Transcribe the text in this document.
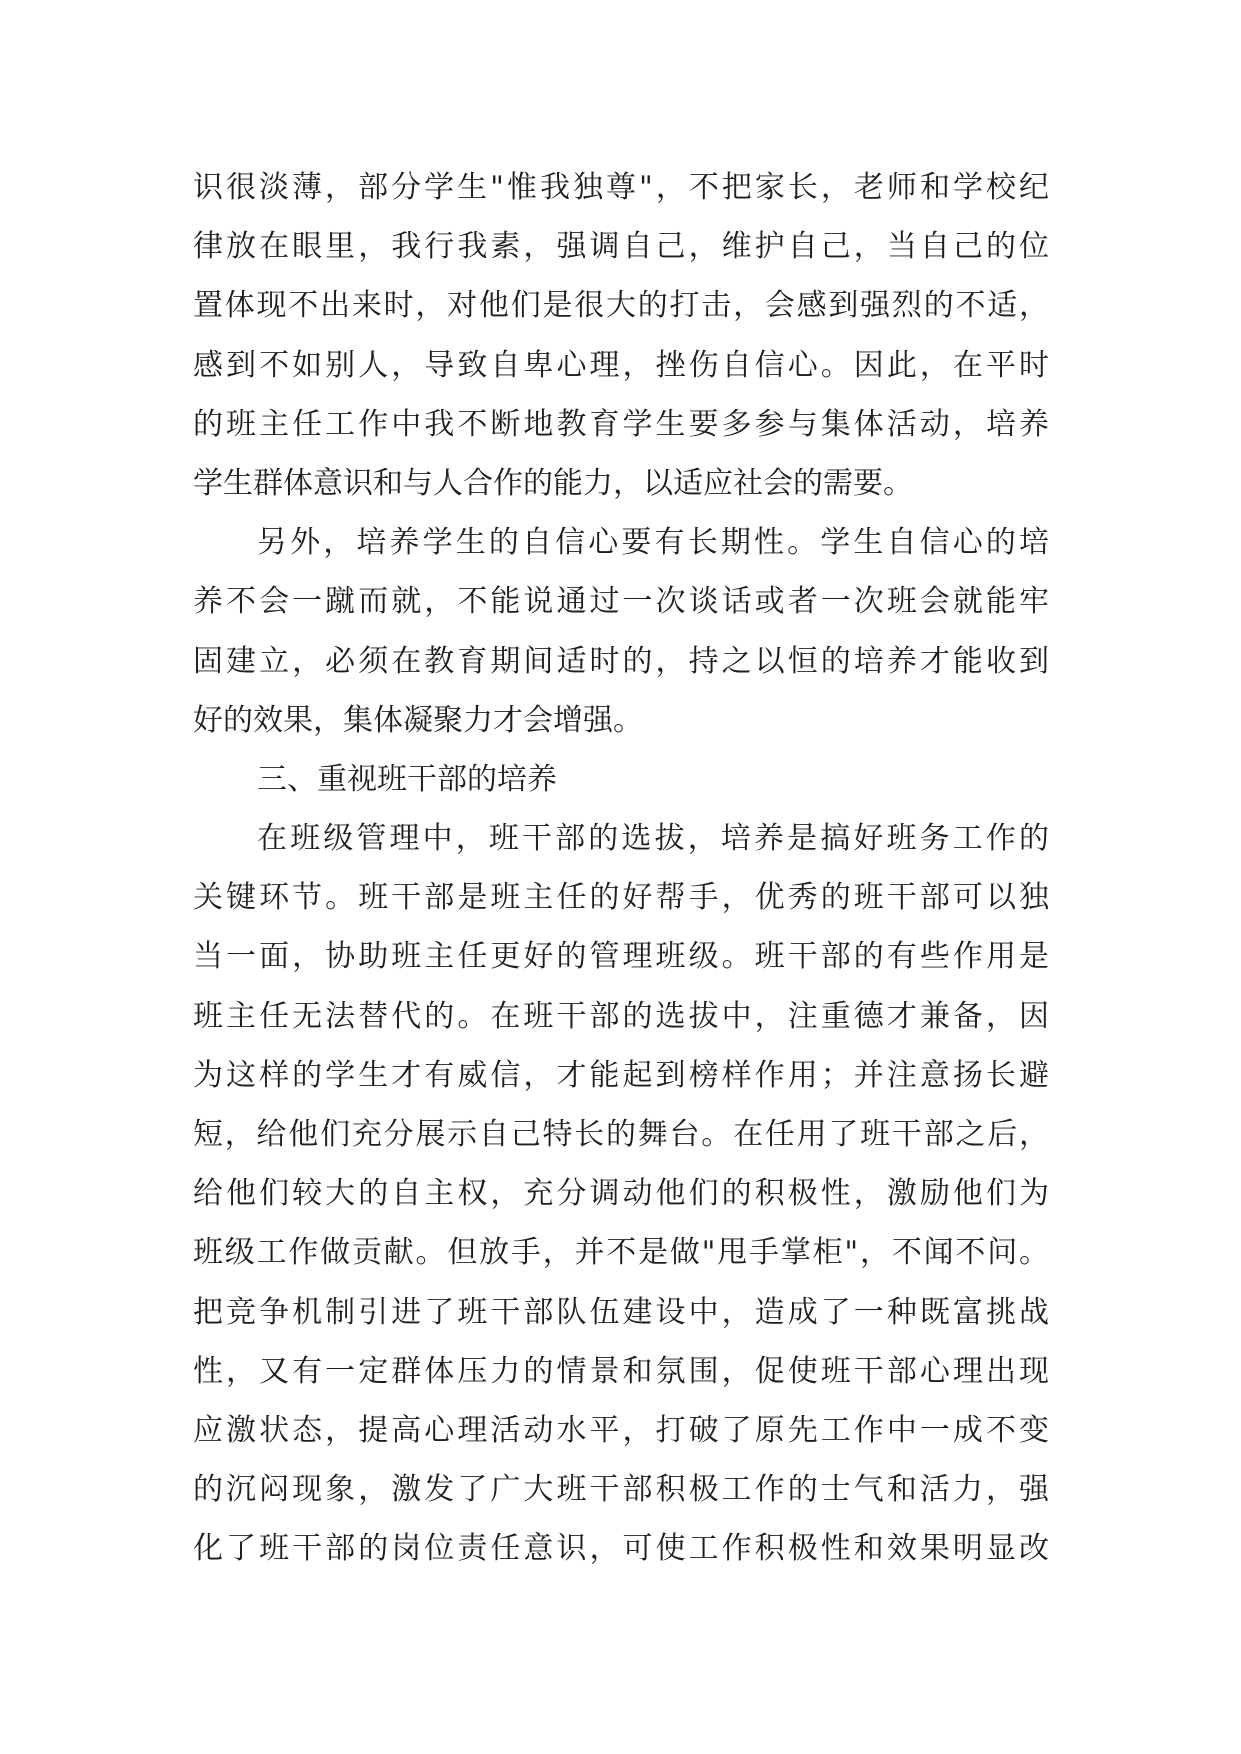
识很淡薄，部分学生"惟我独尊"，不把家长，老师和学校纪
律放在眼里，我行我素，强调自己，维护自己，当自己的位
置体现不出来时，对他们是很大的打击，会感到强烈的不适，
感到不如别人，导致自卑心理，挫伤自信心。因此，在平时
的班主任工作中我不断地教育学生要多参与集体活动，培养
学生群体意识和与人合作的能力，以适应社会的需要。
另外，培养学生的自信心要有长期性。学生自信心的培
养不会一蹴而就，不能说通过一次谈话或者一次班会就能牢
固建立，必须在教育期间适时的，持之以恒的培养才能收到
好的效果，集体凝聚力才会增强。
三、重视班干部的培养
在班级管理中，班干部的选拔，培养是搞好班务工作的
关键环节。班干部是班主任的好帮手，优秀的班干部可以独
当一面，协助班主任更好的管理班级。班干部的有些作用是
班主任无法替代的。在班干部的选拔中，注重德才兼备，因
为这样的学生才有威信，才能起到榜样作用；并注意扬长避
短，给他们充分展示自己特长的舞台。在任用了班干部之后，
给他们较大的自主权，充分调动他们的积极性，激励他们为
班级工作做贡献。但放手，并不是做"甩手掌柜"，不闻不问。
把竞争机制引进了班干部队伍建设中，造成了一种既富挑战
性，又有一定群体压力的情景和氛围，促使班干部心理出现
应激状态，提高心理活动水平，打破了原先工作中一成不变
的沉闷现象，激发了广大班干部积极工作的士气和活力，强
化了班干部的岗位责任意识，可使工作积极性和效果明显改
